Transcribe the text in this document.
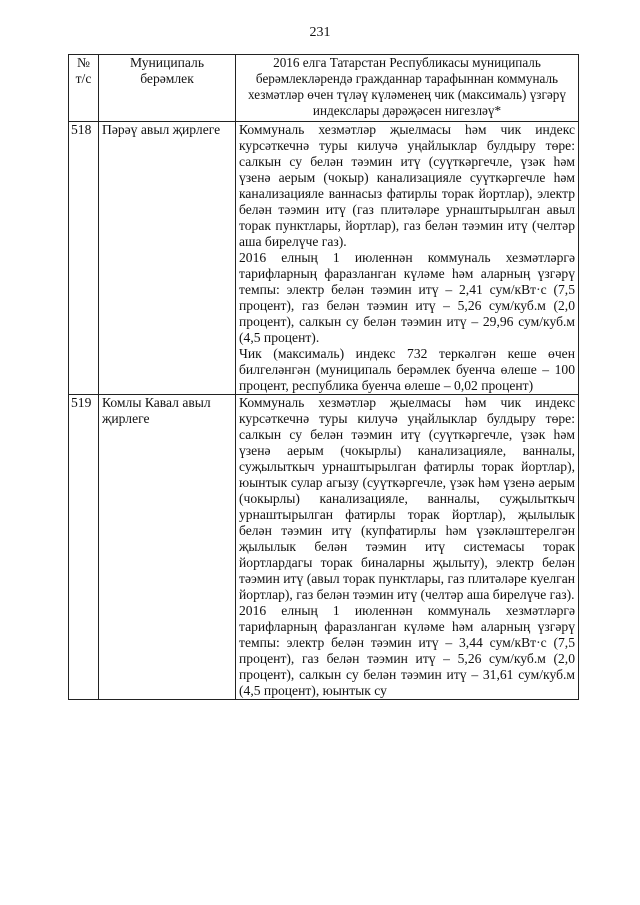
231
№ т/с	Муниципаль берәмлек	2016 елга Татарстан Республикасы муниципаль берәмлекләрендә гражданнар тарафыннан коммуналь хезмәтләр өчен түләү күләменең чик (максималь) үзгәрү индекслары дәрәҗәсен нигезләү*
518	Пәрәү авыл җирлеге	Коммуналь хезмәтләр җыелмасы һәм чик индекс курсәткечнә туры килучә уңайлыклар булдыру төре: салкын су белән тәэмин итү (суүткәргечле, үзәк һәм үзенә аерым (чокыр) канализацияле суүткәргечле һәм канализацияле ваннасыз фатирлы торак йортлар), электр белән тәэмин итү (газ плитәләре урнаштырылган авыл торак пунктлары, йортлар), газ белән тәэмин итү (челтәр аша бирелүче газ).

2016 елның 1 июленнән коммуналь хезмәтләргә тарифларның фаразланган күләме һәм аларның үзгәрү темпы: электр белән тәэмин итү – 2,41 сум/кВт·с (7,5 процент), газ белән тәэмин итү – 5,26 сум/куб.м (2,0 процент), салкын су белән тәэмин итү – 29,96 сум/куб.м (4,5 процент).

Чик (максималь) индекс 732 теркәлгән кеше өчен билгеләнгән (муниципаль берәмлек буенча өлеше – 100 процент, республика буенча өлеше – 0,02 процент)

519	Комлы Кавал авыл җирлеге	Коммуналь хезмәтләр җыелмасы һәм чик индекс курсәткечнә туры килучә уңайлыклар булдыру төре: салкын су белән тәэмин итү (суүткәргечле, үзәк һәм үзенә аерым (чокырлы) канализацияле, ванналы, суҗылыткыч урнаштырылган фатирлы торак йортлар), юынтык сулар агызу (суүткәргечле, үзәк һәм үзенә аерым (чокырлы) канализацияле, ванналы, суҗылыткыч урнаштырылган фатирлы торак йортлар), җылылык белән тәэмин итү (купфатирлы һәм үзәкләштерелгән җылылык белән тәэмин итү системасы торак йортлардагы торак биналарны җылыту), электр белән тәэмин итү (авыл торак пунктлары, газ плитәләре куелган йортлар), газ белән тәэмин итү (челтәр аша бирелүче газ).

2016 елның 1 июленнән коммуналь хезмәтләргә тарифларның фаразланган күләме һәм аларның үзгәрү темпы: электр белән тәэмин итү – 3,44 сум/кВт·с (7,5 процент), газ белән тәэмин итү – 5,26 сум/куб.м (2,0 процент), салкын су белән тәэмин итү – 31,61 сум/куб.м (4,5 процент), юынтык су
